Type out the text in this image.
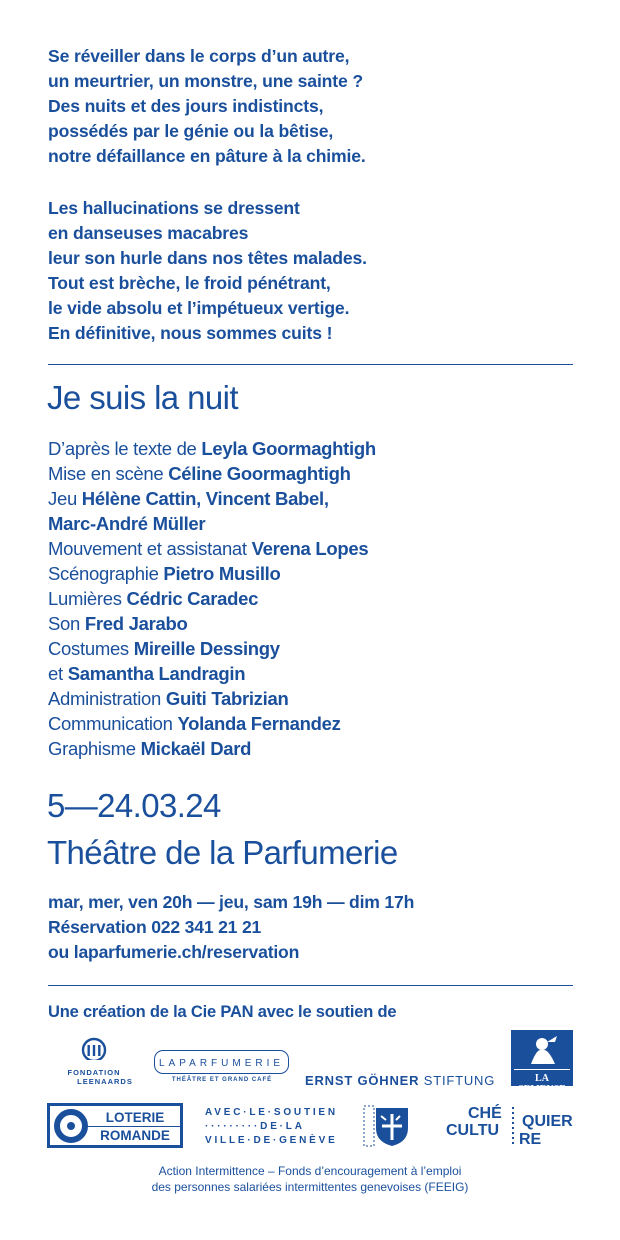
Se réveiller dans le corps d’un autre,
un meurtrier, un monstre, une sainte ?
Des nuits et des jours indistincts,
possédés par le génie ou la bêtise,
notre défaillance en pâture à la chimie.
Les hallucinations se dressent
en danseuses macabres
leur son hurle dans nos têtes malades.
Tout est brèche, le froid pénétrant,
le vide absolu et l’impétueux vertige.
En définitive, nous sommes cuits !
Je suis la nuit
D’après le texte de Leyla Goormaghtigh
Mise en scène Céline Goormaghtigh
Jeu Hélène Cattin, Vincent Babel,
Marc-André Müller
Mouvement et assistanat Verena Lopes
Scénographie Pietro Musillo
Lumières Cédric Caradec
Son Fred Jarabo
Costumes Mireille Dessingy
et Samantha Landragin
Administration Guiti Tabrizian
Communication Yolanda Fernandez
Graphisme Mickaël Dard
5—24.03.24
Théâtre de la Parfumerie
mar, mer, ven 20h — jeu, sam 19h — dim 17h
Réservation 022 341 21 21
ou laparfumerie.ch/reservation
Une création de la Cie PAN avec le soutien de
FONDATION
LEENAARDS
LAPARFUMERIE
THÉÂTRE ET GRAND CAFÉ	ERNST GÖHNER STIFTUNG	LA SEMEUSE
LOTERIE
ROMANDE
AVEC·LE·SOUTIEN
·········DE·LA
VILLE·DE·GENÈVE
CHÉ
CULTU
QUIER
RE
Action Intermittence – Fonds d’encouragement à l’emploi
des personnes salariées intermittentes genevoises (FEEIG)
